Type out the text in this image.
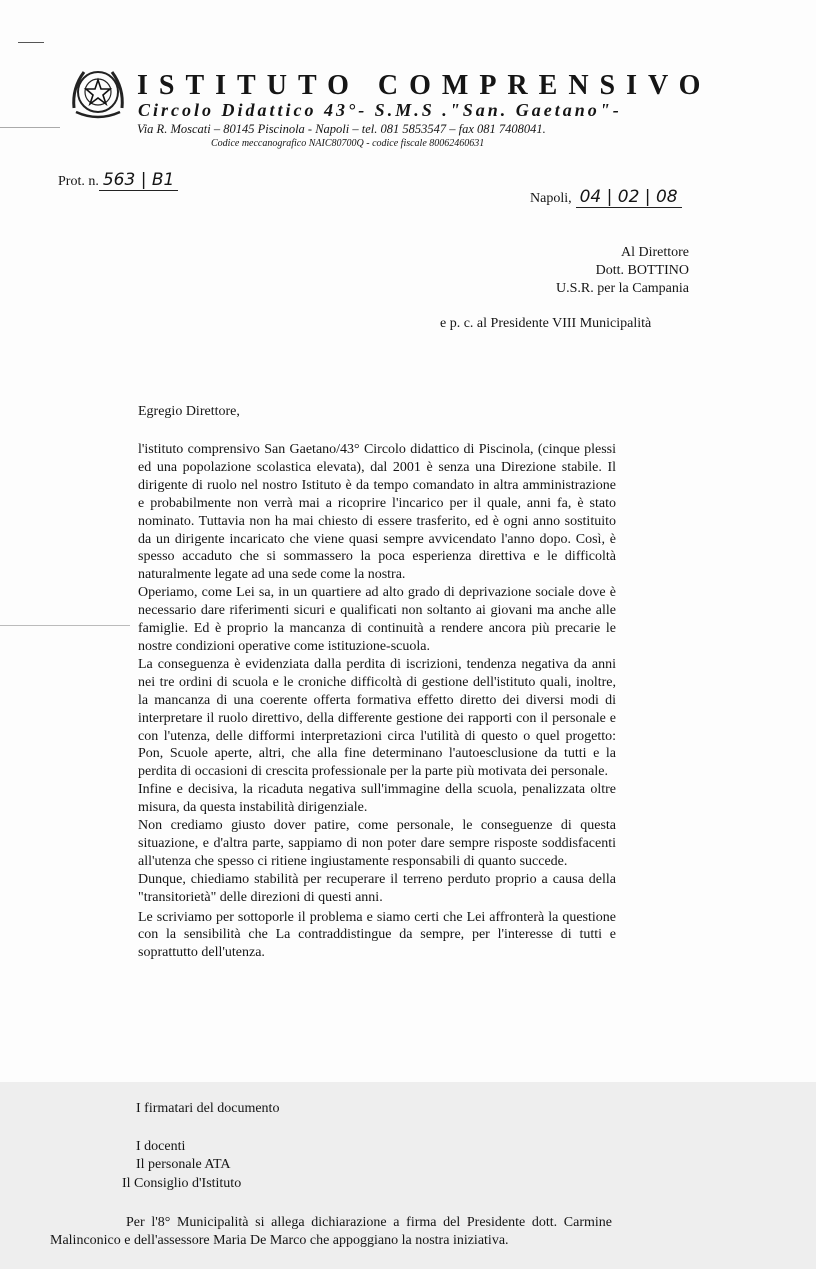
ISTITUTO COMPRENSIVO
Circolo Didattico 43°- S.M.S ."San. Gaetano"-
Via R. Moscati – 80145 Piscinola - Napoli – tel. 081 5853547 – fax 081 7408041.
Codice meccanografico NAIC80700Q - codice fiscale 80062460631
Prot. n. 563 | B1
Napoli, 04 | 02 | 08
Al Direttore
Dott. BOTTINO
U.S.R. per la Campania
e p. c. al Presidente VIII Municipalità
Egregio Direttore,

l'istituto comprensivo San Gaetano/43° Circolo didattico di Piscinola, (cinque plessi ed una popolazione scolastica elevata), dal 2001 è senza una Direzione stabile. Il dirigente di ruolo nel nostro Istituto è da tempo comandato in altra amministrazione e probabilmente non verrà mai a ricoprire l'incarico per il quale, anni fa, è stato nominato. Tuttavia non ha mai chiesto di essere trasferito, ed è ogni anno sostituito da un dirigente incaricato che viene quasi sempre avvicendato l'anno dopo. Così, è spesso accaduto che si sommassero la poca esperienza direttiva e le difficoltà naturalmente legate ad una sede come la nostra.

Operiamo, come Lei sa, in un quartiere ad alto grado di deprivazione sociale dove è necessario dare riferimenti sicuri e qualificati non soltanto ai giovani ma anche alle famiglie. Ed è proprio la mancanza di continuità a rendere ancora più precarie le nostre condizioni operative come istituzione-scuola.

La conseguenza è evidenziata dalla perdita di iscrizioni, tendenza negativa da anni nei tre ordini di scuola e le croniche difficoltà di gestione dell'istituto quali, inoltre, la mancanza di una coerente offerta formativa effetto diretto dei diversi modi di interpretare il ruolo direttivo, della differente gestione dei rapporti con il personale e con l'utenza, delle difformi interpretazioni circa l'utilità di questo o quel progetto: Pon, Scuole aperte, altri, che alla fine determinano l'autoesclusione da tutti e la perdita di occasioni di crescita professionale per la parte più motivata dei personale.

Infine e decisiva, la ricaduta negativa sull'immagine della scuola, penalizzata oltre misura, da questa instabilità dirigenziale.

Non crediamo giusto dover patire, come personale, le conseguenze di questa situazione, e d'altra parte, sappiamo di non poter dare sempre risposte soddisfacenti all'utenza che spesso ci ritiene ingiustamente responsabili di quanto succede.

Dunque, chiediamo stabilità per recuperare il terreno perduto proprio a causa della "transitorietà" delle direzioni di questi anni.

Le scriviamo per sottoporle il problema e siamo certi che Lei affronterà la questione con la sensibilità che La contraddistingue da sempre, per l'interesse di tutti e soprattutto dell'utenza.

I firmatari del documento
I docenti
Il personale ATA
Il Consiglio d'Istituto
Per l'8° Municipalità si allega dichiarazione a firma del Presidente dott. Carmine Malinconico e dell'assessore Maria De Marco che appoggiano la nostra iniziativa.
